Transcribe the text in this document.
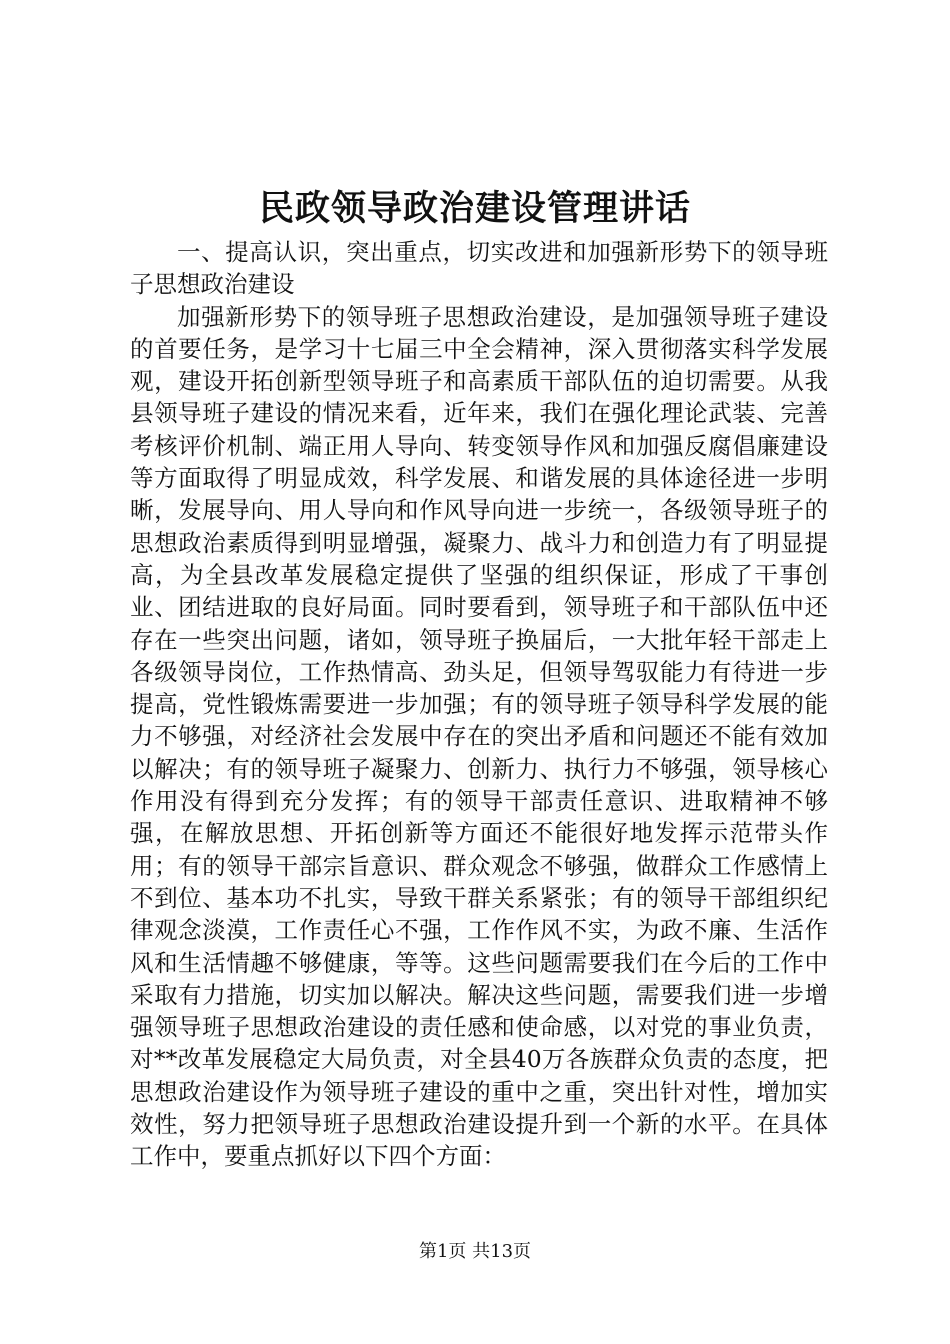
民政领导政治建设管理讲话

一、提高认识，突出重点，切实改进和加强新形势下的领导班子思想政治建设

加强新形势下的领导班子思想政治建设，是加强领导班子建设的首要任务，是学习十七届三中全会精神，深入贯彻落实科学发展观，建设开拓创新型领导班子和高素质干部队伍的迫切需要。从我县领导班子建设的情况来看，近年来，我们在强化理论武装、完善考核评价机制、端正用人导向、转变领导作风和加强反腐倡廉建设等方面取得了明显成效，科学发展、和谐发展的具体途径进一步明晰，发展导向、用人导向和作风导向进一步统一，各级领导班子的思想政治素质得到明显增强，凝聚力、战斗力和创造力有了明显提高，为全县改革发展稳定提供了坚强的组织保证，形成了干事创业、团结进取的良好局面。同时要看到，领导班子和干部队伍中还存在一些突出问题，诸如，领导班子换届后，一大批年轻干部走上各级领导岗位，工作热情高、劲头足，但领导驾驭能力有待进一步提高，党性锻炼需要进一步加强；有的领导班子领导科学发展的能力不够强，对经济社会发展中存在的突出矛盾和问题还不能有效加以解决；有的领导班子凝聚力、创新力、执行力不够强，领导核心作用没有得到充分发挥；有的领导干部责任意识、进取精神不够强，在解放思想、开拓创新等方面还不能很好地发挥示范带头作用；有的领导干部宗旨意识、群众观念不够强，做群众工作感情上不到位、基本功不扎实，导致干群关系紧张；有的领导干部组织纪律观念淡漠，工作责任心不强，工作作风不实，为政不廉、生活作风和生活情趣不够健康，等等。这些问题需要我们在今后的工作中采取有力措施，切实加以解决。解决这些问题，需要我们进一步增强领导班子思想政治建设的责任感和使命感，以对党的事业负责，对**改革发展稳定大局负责，对全县40万各族群众负责的态度，把思想政治建设作为领导班子建设的重中之重，突出针对性，增加实效性，努力把领导班子思想政治建设提升到一个新的水平。在具体工作中，要重点抓好以下四个方面：

第1页 共13页
